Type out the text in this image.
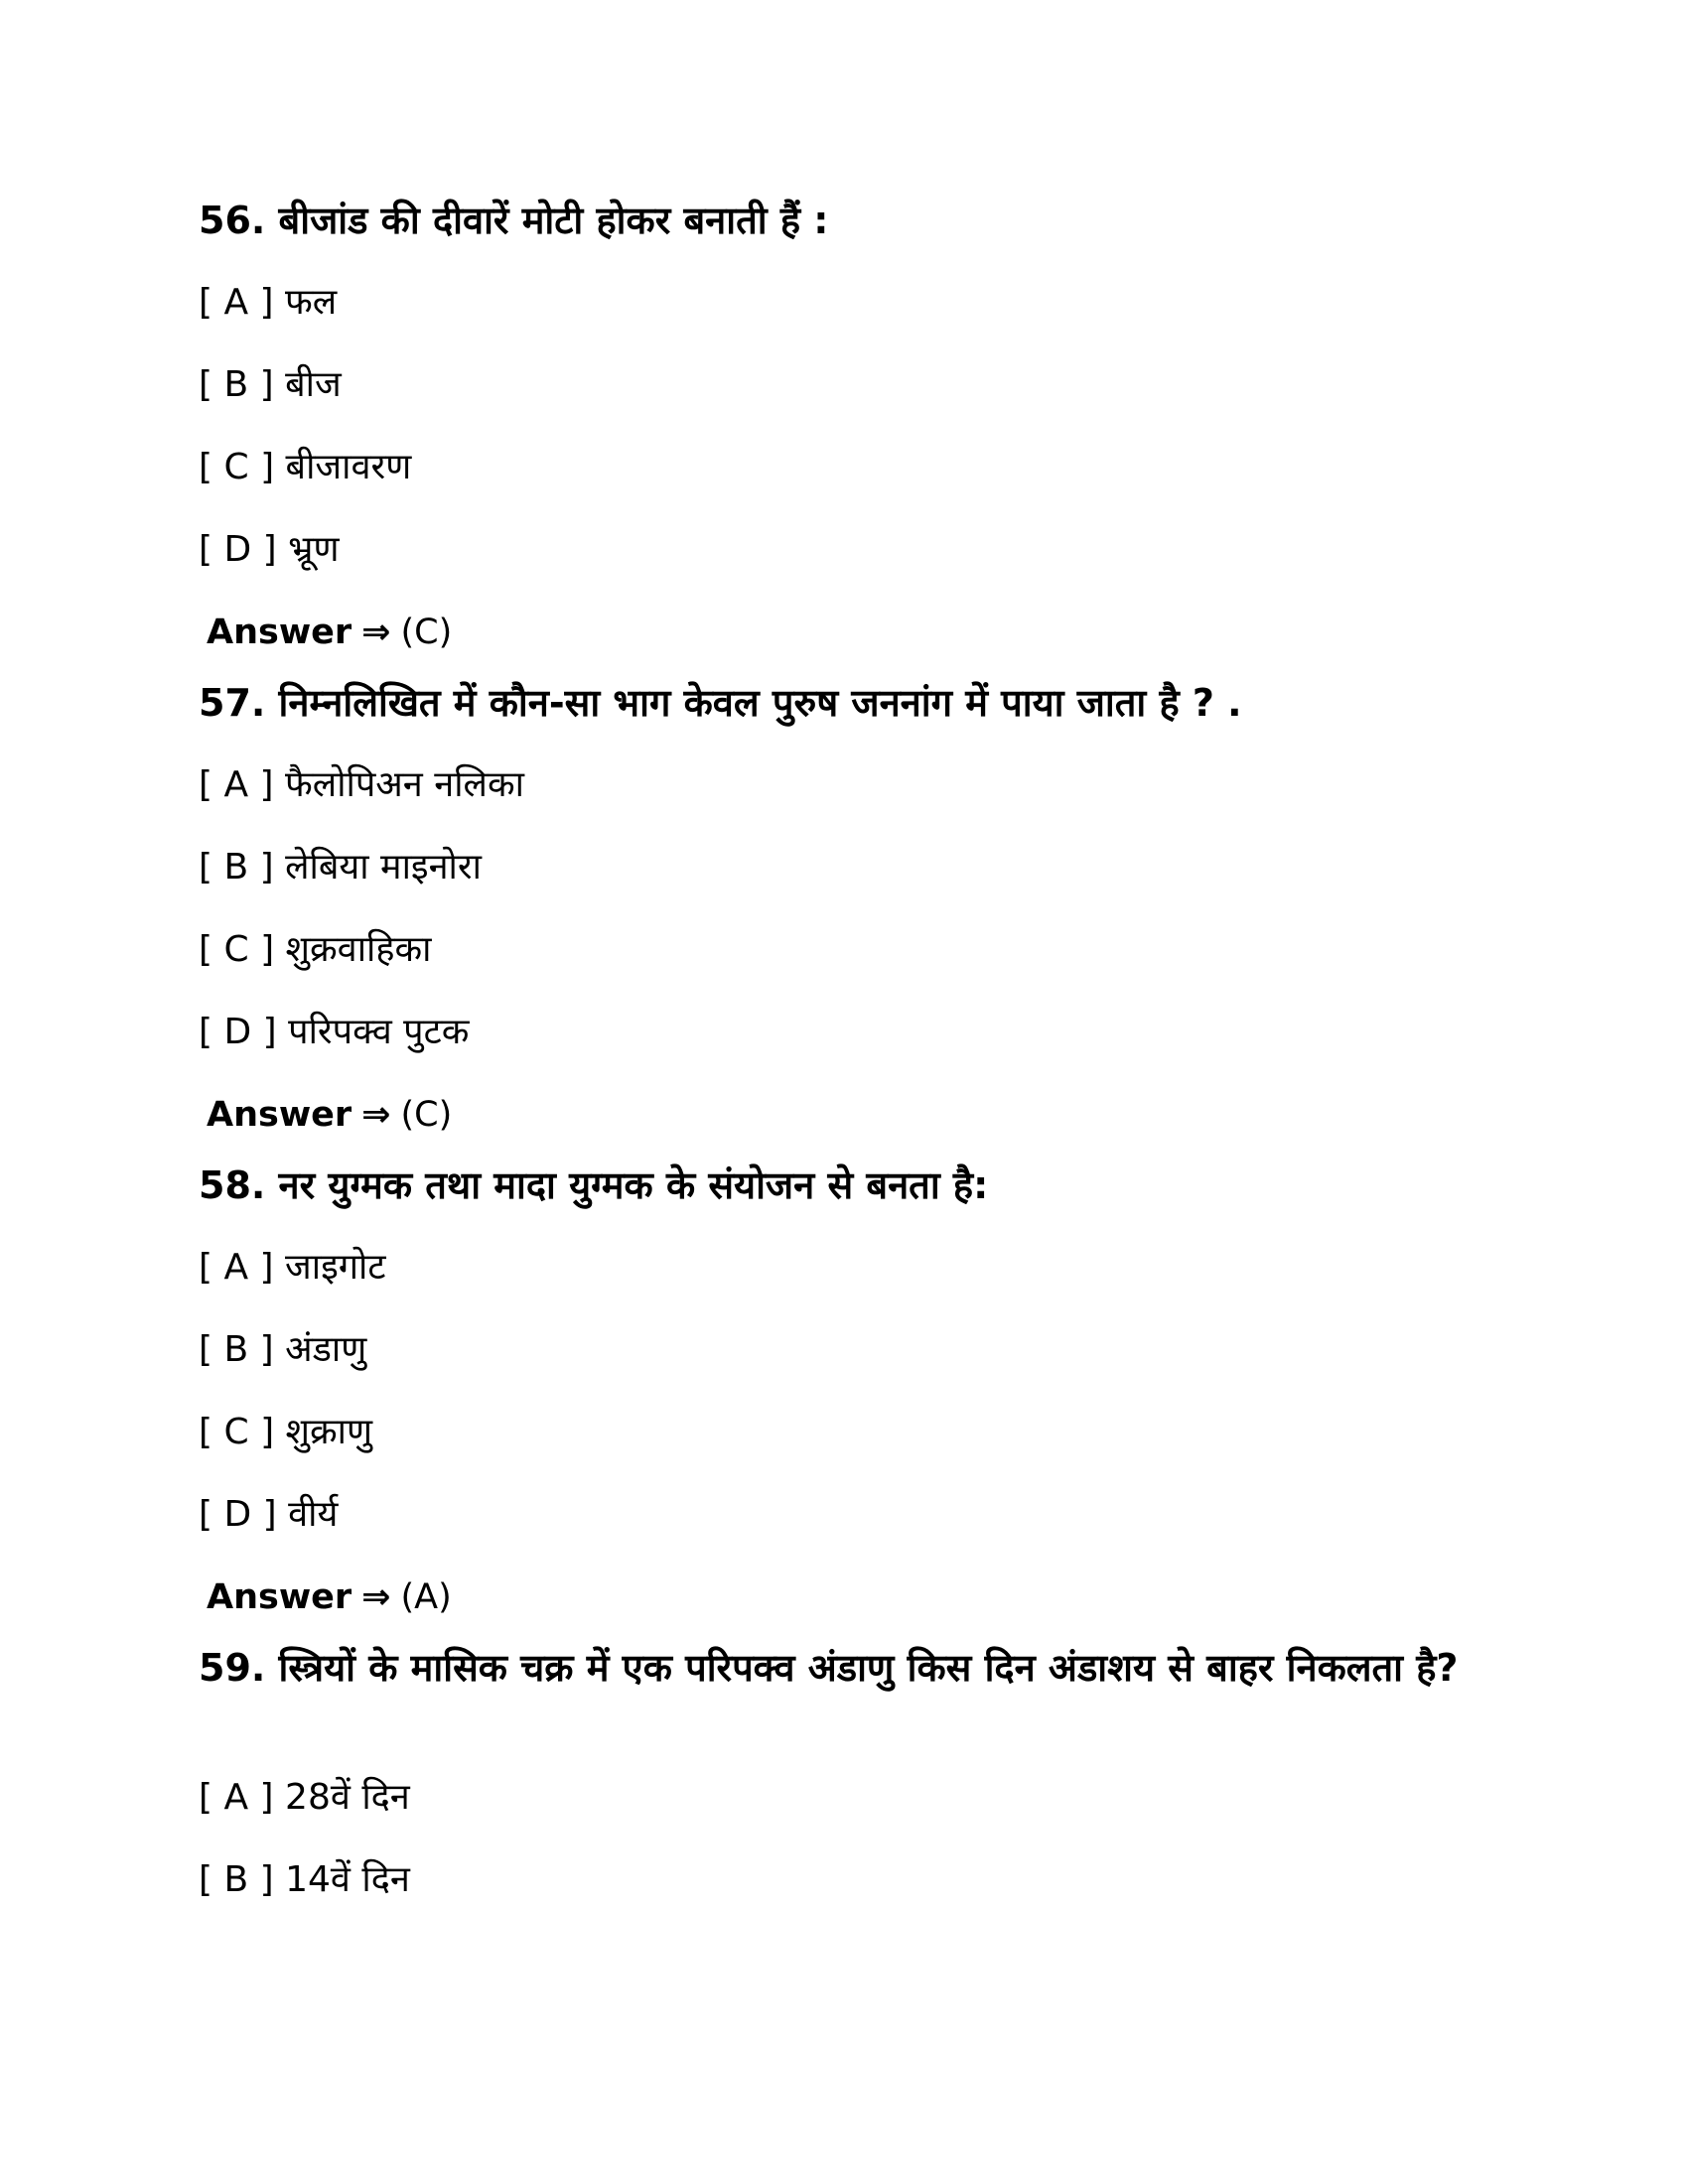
56. बीजांड की दीवारें मोटी होकर बनाती हैं :
[ A ] फल
[ B ] बीज
[ C ] बीजावरण
[ D ] भ्रूण
Answer ⇒ (C)
57. निम्नलिखित में कौन-सा भाग केवल पुरुष जननांग में पाया जाता है ? .
[ A ] फैलोपिअन नलिका
[ B ] लेबिया माइनोरा
[ C ] शुक्रवाहिका
[ D ] परिपक्व पुटक
Answer ⇒ (C)
58. नर युग्मक तथा मादा युग्मक के संयोजन से बनता है:
[ A ] जाइगोट
[ B ] अंडाणु
[ C ] शुक्राणु
[ D ] वीर्य
Answer ⇒ (A)
59. स्त्रियों के मासिक चक्र में एक परिपक्व अंडाणु किस दिन अंडाशय से बाहर निकलता है?
[ A ] 28वें दिन
[ B ] 14वें दिन
